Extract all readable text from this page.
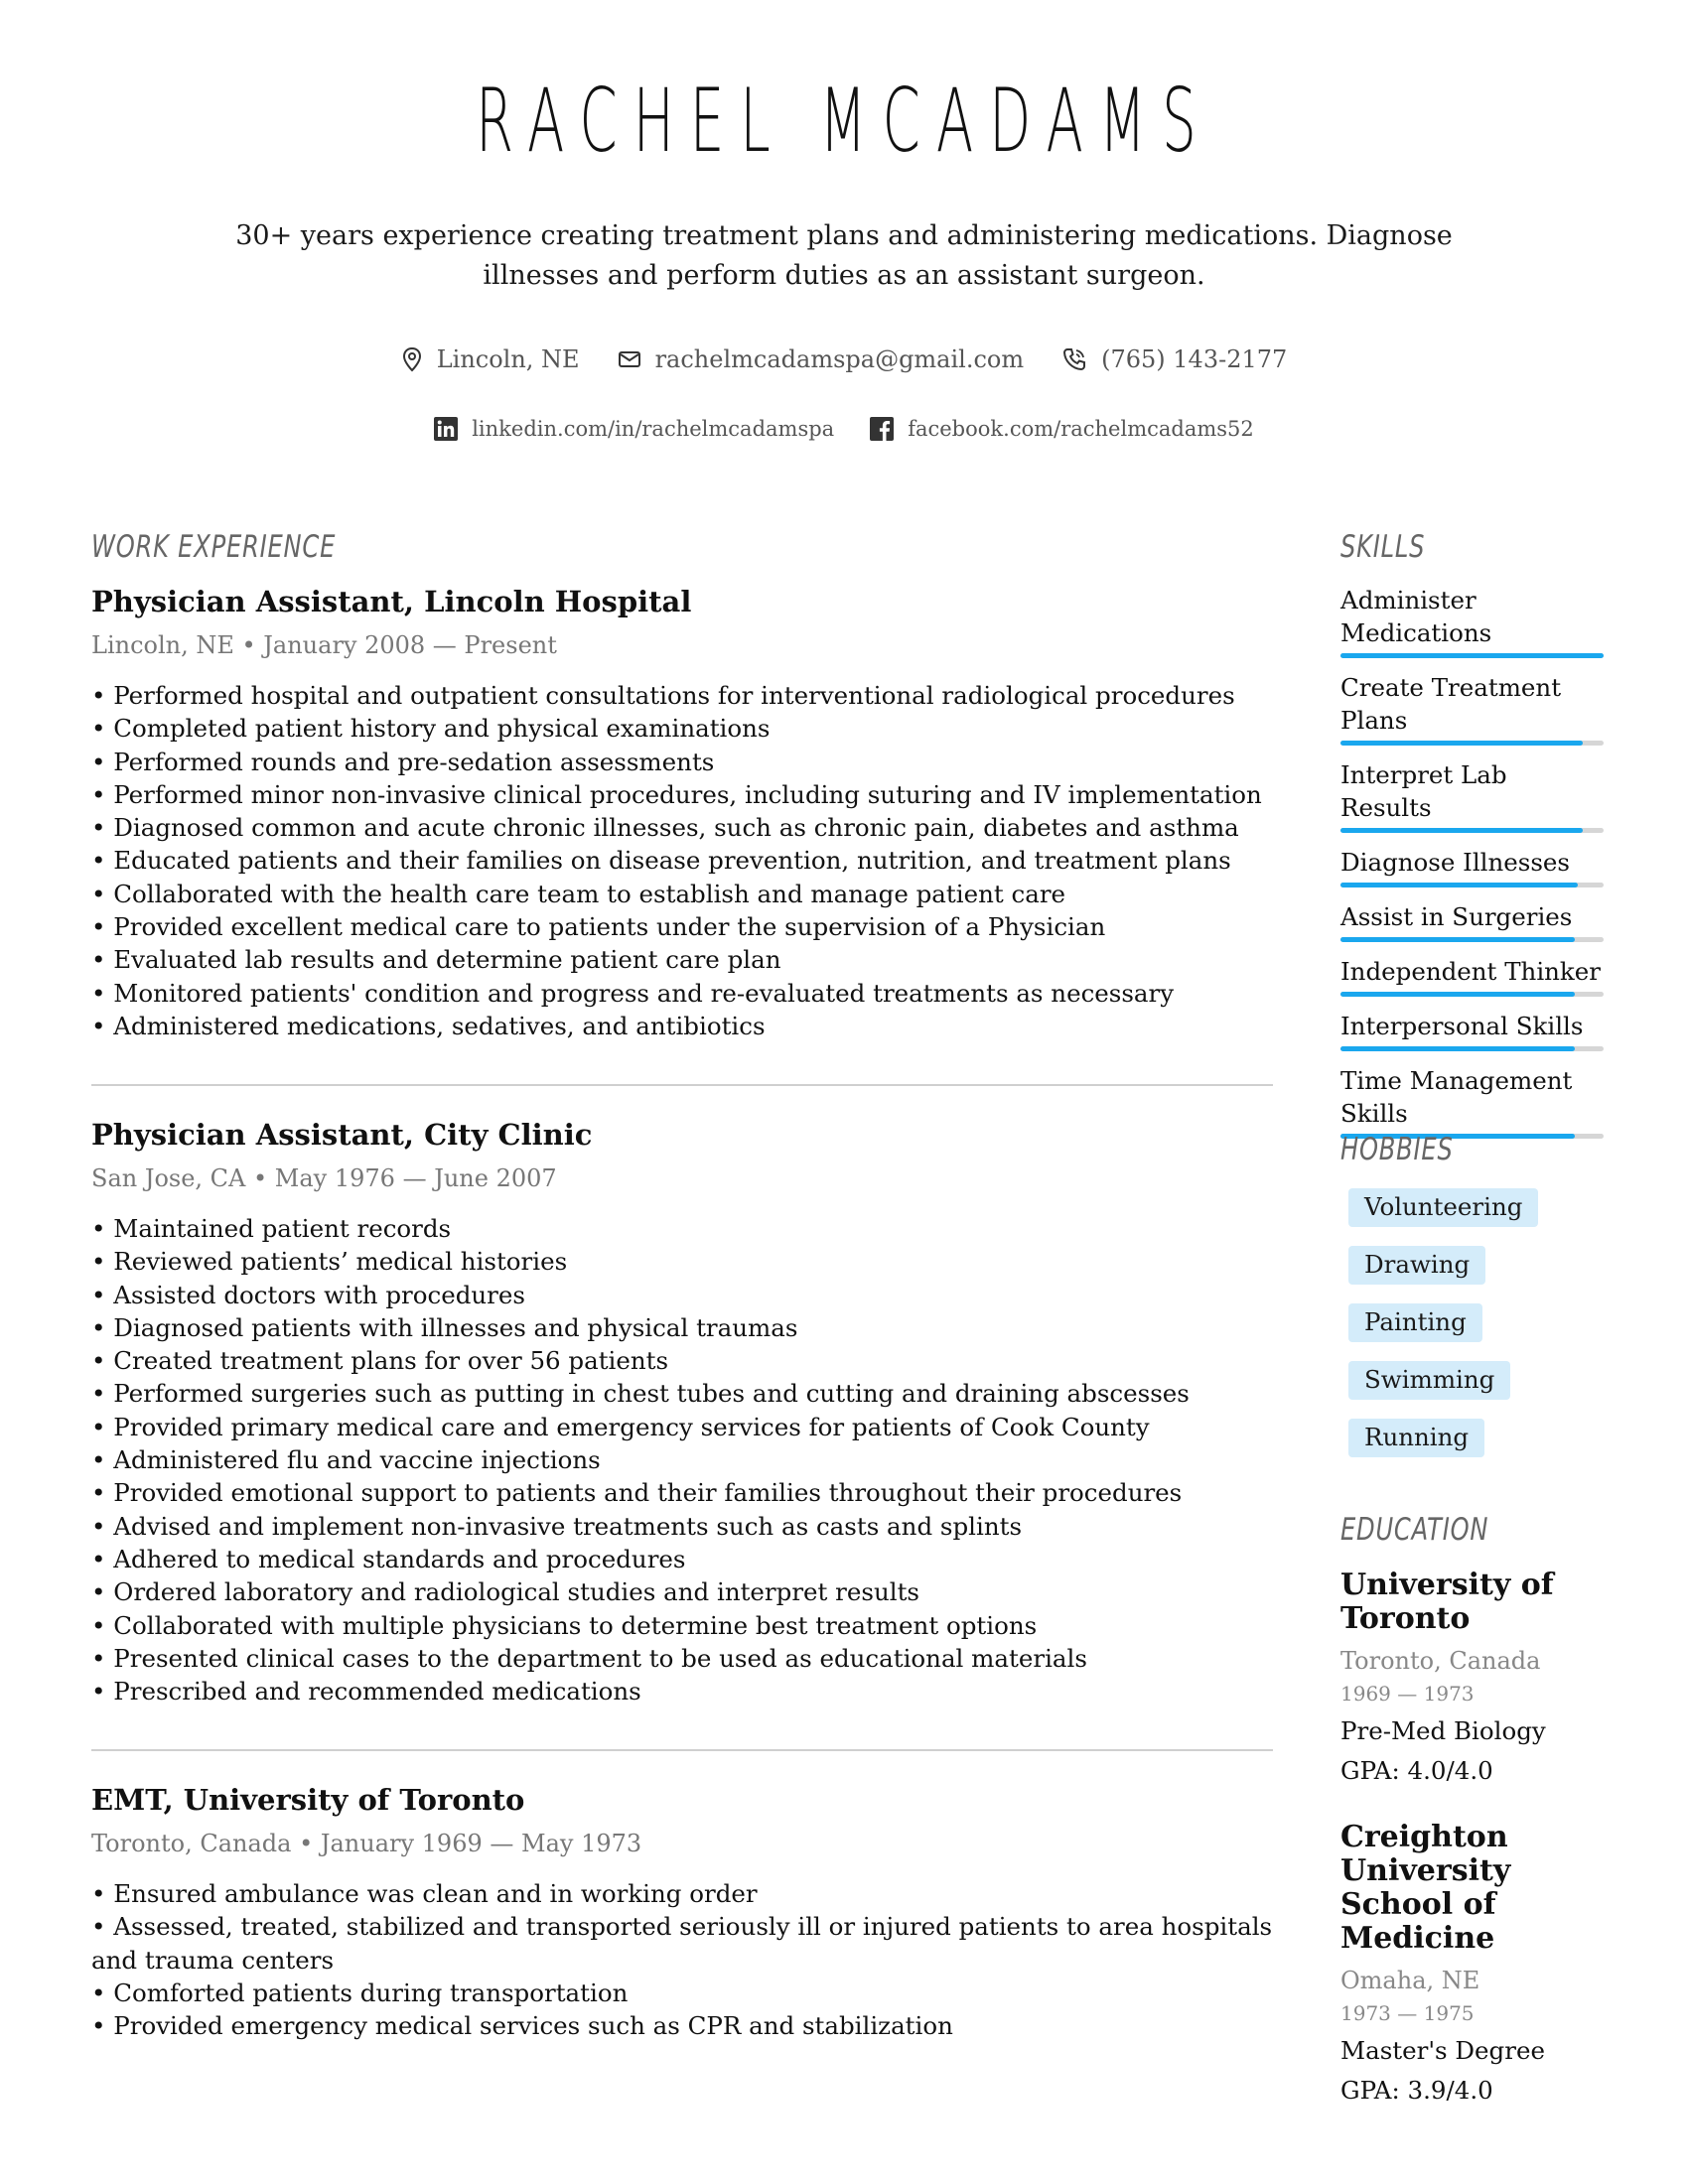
RACHEL MCADAMS
30+ years experience creating treatment plans and administering medications. Diagnose illnesses and perform duties as an assistant surgeon.
Lincoln, NE	rachelmcadamspa@gmail.com	(765) 143-2177
linkedin.com/in/rachelmcadamspa	facebook.com/rachelmcadams52
WORK EXPERIENCE
Physician Assistant, Lincoln Hospital
Lincoln, NE • January 2008 — Present
• Performed hospital and outpatient consultations for interventional radiological procedures
• Completed patient history and physical examinations
• Performed rounds and pre-sedation assessments
• Performed minor non-invasive clinical procedures, including suturing and IV implementation
• Diagnosed common and acute chronic illnesses, such as chronic pain, diabetes and asthma
• Educated patients and their families on disease prevention, nutrition, and treatment plans
• Collaborated with the health care team to establish and manage patient care
• Provided excellent medical care to patients under the supervision of a Physician
• Evaluated lab results and determine patient care plan
• Monitored patients' condition and progress and re-evaluated treatments as necessary
• Administered medications, sedatives, and antibiotics
Physician Assistant, City Clinic
San Jose, CA • May 1976 — June 2007
• Maintained patient records
• Reviewed patients’ medical histories
• Assisted doctors with procedures
• Diagnosed patients with illnesses and physical traumas
• Created treatment plans for over 56 patients
• Performed surgeries such as putting in chest tubes and cutting and draining abscesses
• Provided primary medical care and emergency services for patients of Cook County
• Administered flu and vaccine injections
• Provided emotional support to patients and their families throughout their procedures
• Advised and implement non-invasive treatments such as casts and splints
• Adhered to medical standards and procedures
• Ordered laboratory and radiological studies and interpret results
• Collaborated with multiple physicians to determine best treatment options
• Presented clinical cases to the department to be used as educational materials
• Prescribed and recommended medications
EMT, University of Toronto
Toronto, Canada • January 1969 — May 1973
• Ensured ambulance was clean and in working order
• Assessed, treated, stabilized and transported seriously ill or injured patients to area hospitals and trauma centers
• Comforted patients during transportation
• Provided emergency medical services such as CPR and stabilization
SKILLS
Administer Medications
Create Treatment Plans
Interpret Lab Results
Diagnose Illnesses
Assist in Surgeries
Independent Thinker
Interpersonal Skills
Time Management Skills
HOBBIES
Volunteering
Drawing
Painting
Swimming
Running
EDUCATION
University of Toronto
Toronto, Canada
1969 — 1973
Pre-Med Biology
GPA: 4.0/4.0
Creighton University School of Medicine
Omaha, NE
1973 — 1975
Master's Degree
GPA: 3.9/4.0
